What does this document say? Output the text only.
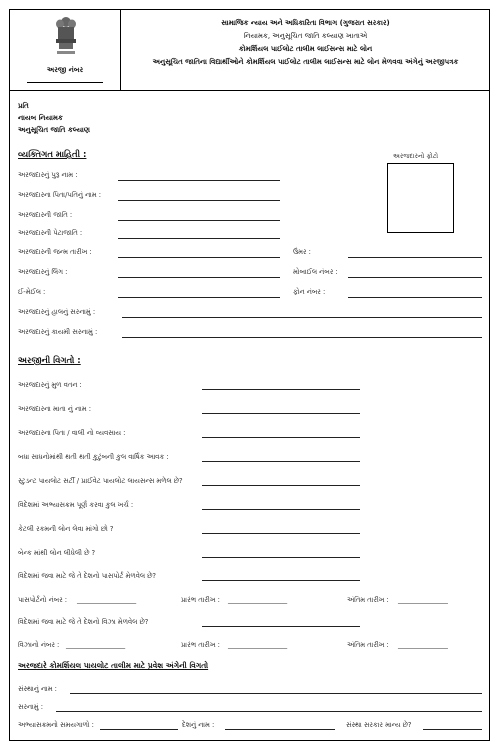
અરજી નંબર
સામાજિક ન્યાય અને અધિકારિતા વિભાગ (ગુજરાત સરકાર)
નિયામક, અનુસૂચિત જાતિ કલ્યાણ ખાતાએ
કોમર્શિયલ પાઈલોટ તાલીમ લાઈસન્સ માટે લોન
અનુસૂચિત જાતિના વિદ્યાર્થીઓને કોમર્શિયલ પાઈલોટ તાલીમ લાઈસન્સ માટે લોન મેળવવા અંગેનું અરજીપત્રક
પ્રતિ
નાયબ નિયામક
અનુસૂચિત જાતિ કલ્યાણ
વ્યક્તિગત માહિતી :	અરજદારનો ફોટો
અરજદારનું પુરૂ નામ :
અરજદારના પિતા/પતિનું નામ :
અરજદારની જાતિ :
અરજદારની પેટાજાતિ :
અરજદારની જન્મ તારીખ :	ઉંમર :
અરજદારનું લિંગ :	મોબાઈલ નંબર :
ઈ-મેઈલ :	ફોન નંબર :
અરજદારનું હાલનું સરનામું :
અરજદારનું કાયમી સરનામું :
અરજીની વિગતો :
અરજદારનું મુળ વતન :
અરજદારના માતા નું નામ :
અરજદારના પિતા / વાલી નો વ્યવસાય :
બધા સાધનોમાંથી થતી થતી કુટુંબની કુલ વાર્ષિક આવક :
સ્ટુડન્ટ પાયલોટ સર્ટી / પ્રાઈવેટ પાયલોટ લાયસન્સ મળેલ છે?
વિદેશમાં અભ્યાસક્રમ પૂર્ણ કરવા કુલ ખર્ચ :
કેટલી રકમની લોન લેવા માંગો છો ?
બેન્ક માંથી લોન લીધેલી છે ?
વિદેશમાં જવા માટે જે તે દેશનો પાસપોર્ટ મેળવેલ છે?
પાસપોર્ટનો નંબર : ___________________	પ્રારંભ તારીખ : ___________________	અંતિમ તારીખ : ________________
વિદેશમાં જવા માટે જે તે દેશનો વિઝા મેળવેલ છે?
વિઝાનો નંબર : ___________________	પ્રારંભ તારીખ : ___________________	અંતિમ તારીખ : ________________
અરજદારે કોમર્શિયલ પાયલોટ તાલીમ માટે પ્રવેશ અંગેની વિગતો
સંસ્થાનું નામ :
સરનામું :
અભ્યાસક્રમનો સમયગાળો :	દેશનું નામ :	સંસ્થા સરકાર માન્ય છે?
